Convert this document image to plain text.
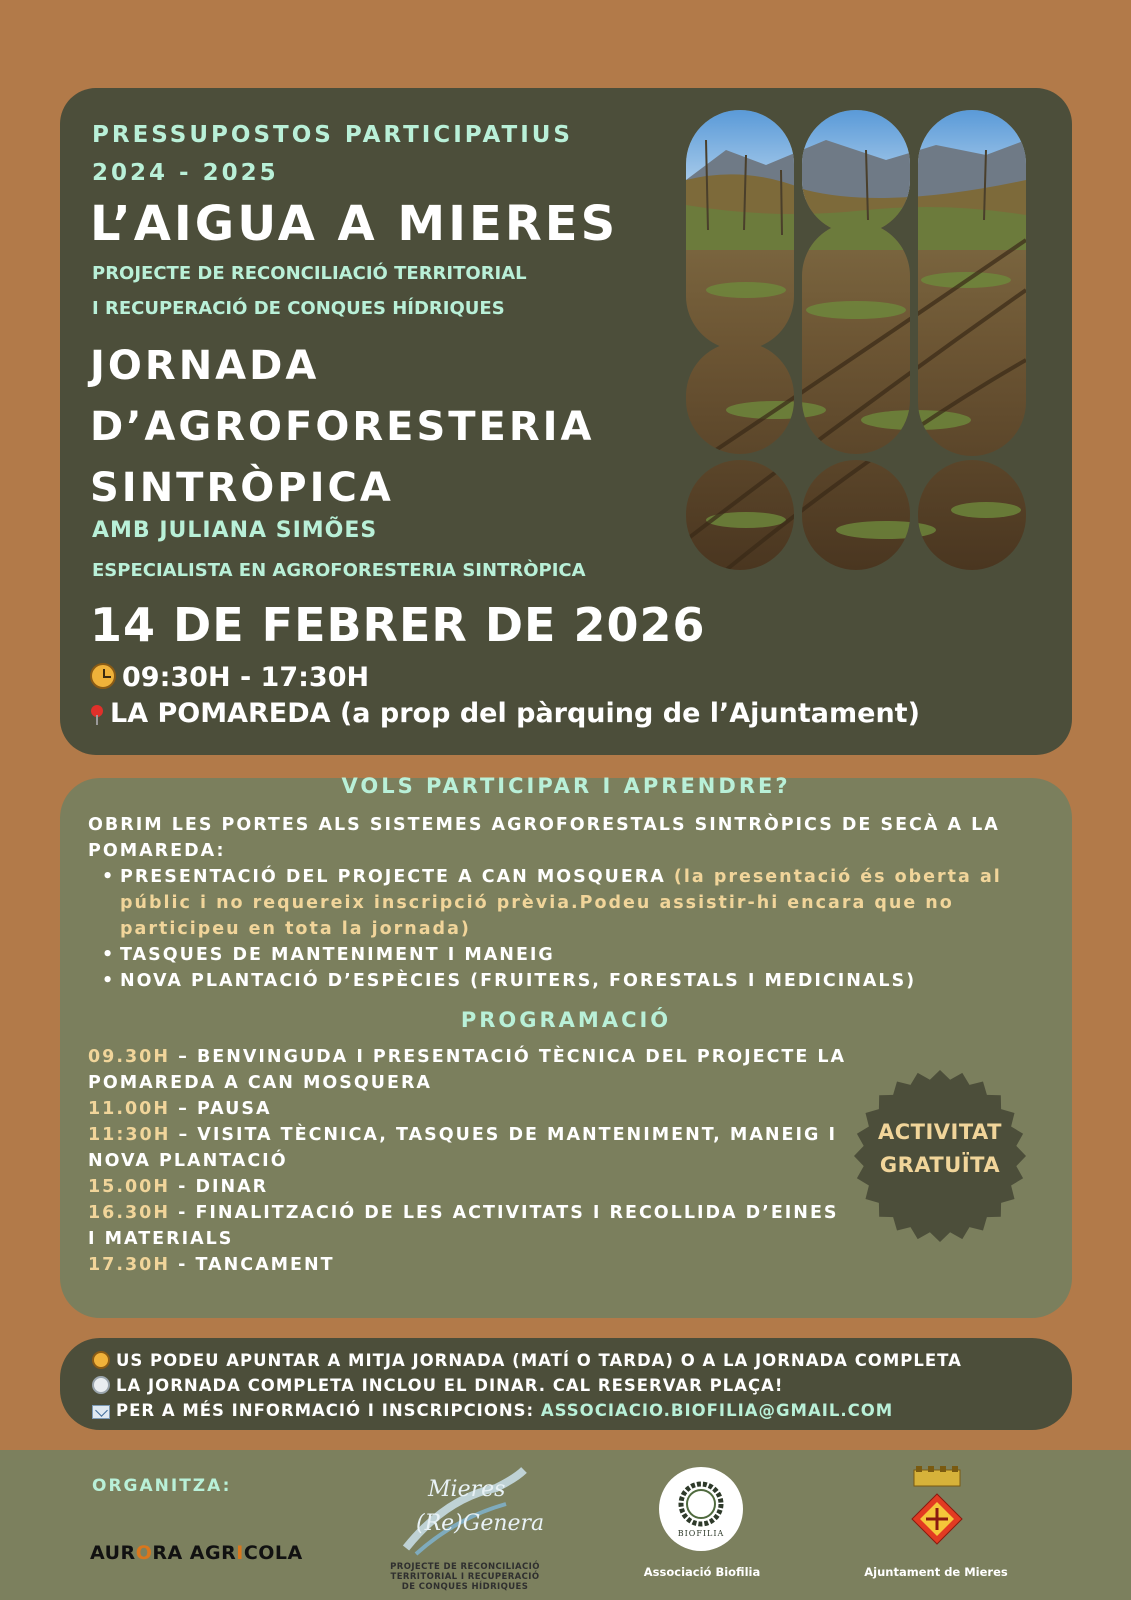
PRESSUPOSTOS PARTICIPATIUS
2024 - 2025
L’AIGUA A MIERES
PROJECTE DE RECONCILIACIÓ TERRITORIAL
I RECUPERACIÓ DE CONQUES HÍDRIQUES
JORNADA
D’AGROFORESTERIA
SINTRÒPICA
AMB JULIANA SIMÕES
ESPECIALISTA EN AGROFORESTERIA SINTRÒPICA
14 DE FEBRER DE 2026
09:30H - 17:30H
LA POMAREDA (a prop del pàrquing de l’Ajuntament)
VOLS PARTICIPAR I APRENDRE?
OBRIM LES PORTES ALS SISTEMES AGROFORESTALS SINTRÒPICS DE SECÀ A LA POMAREDA:
• PRESENTACIÓ DEL PROJECTE A CAN MOSQUERA (la presentació és oberta al públic i no requereix inscripció prèvia.Podeu assistir-hi encara que no participeu en tota la jornada)
• TASQUES DE MANTENIMENT I MANEIG
• NOVA PLANTACIÓ D’ESPÈCIES (FRUITERS, FORESTALS I MEDICINALS)
PROGRAMACIÓ
09.30H – BENVINGUDA I PRESENTACIÓ TÈCNICA DEL PROJECTE LA POMAREDA A CAN MOSQUERA
11.00H – PAUSA
11:30H – VISITA TÈCNICA, TASQUES DE MANTENIMENT, MANEIG I NOVA PLANTACIÓ
15.00H - DINAR
16.30H - FINALITZACIÓ DE LES ACTIVITATS I RECOLLIDA D’EINES I MATERIALS
17.30H - TANCAMENT
ACTIVITAT
GRATUÏTA
US PODEU APUNTAR A MITJA JORNADA (MATÍ O TARDA) O A LA JORNADA COMPLETA
LA JORNADA COMPLETA INCLOU EL DINAR. CAL RESERVAR PLAÇA!
PER A MÉS INFORMACIÓ I INSCRIPCIONS: ASSOCIACIO.BIOFILIA@GMAIL.COM
ORGANITZA:
AURORA AGRICOLA
Mieres
(Re)Genera
PROJECTE DE RECONCILIACIÓ TERRITORIAL I RECUPERACIÓ DE CONQUES HÍDRIQUES
BIOFILIA
Associació Biofilia	Ajuntament de Mieres
